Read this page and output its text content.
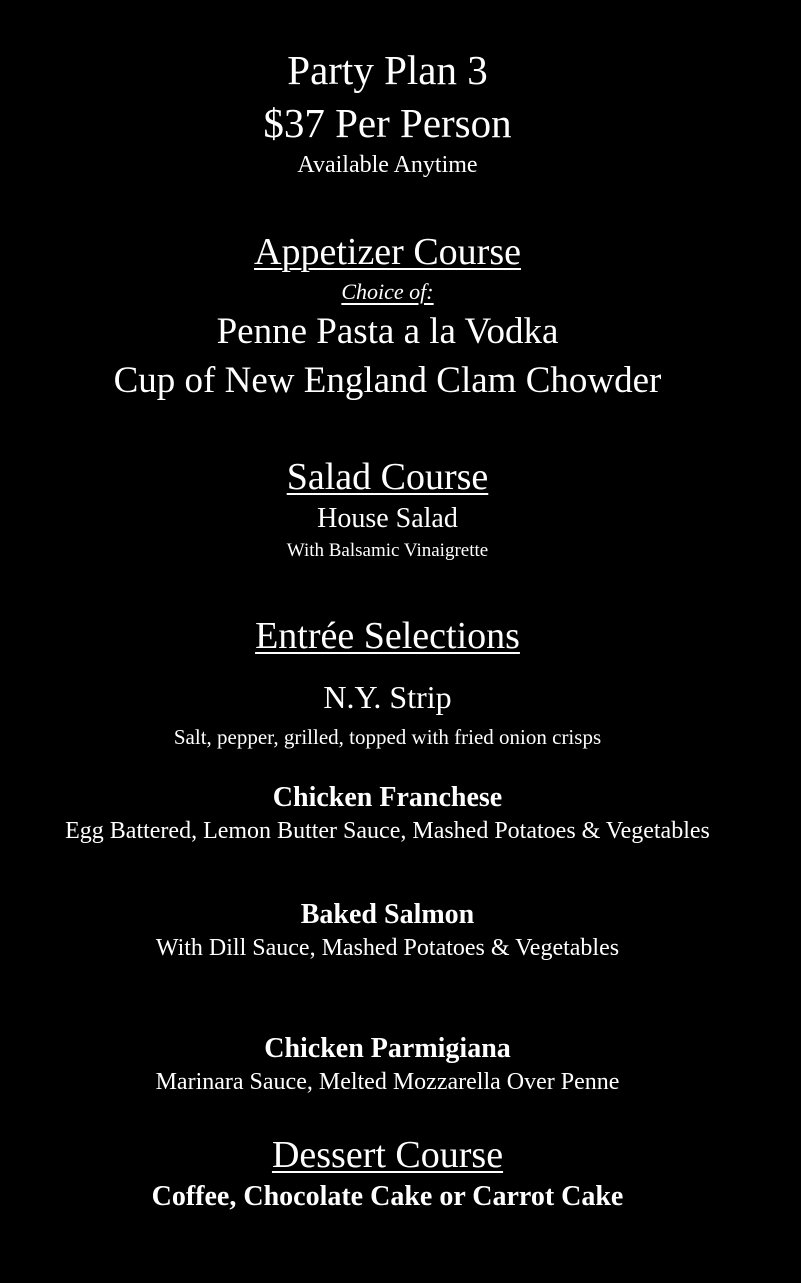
Party Plan 3
$37 Per Person
Available Anytime
Appetizer Course
Choice of:
Penne Pasta a la Vodka
Cup of New England Clam Chowder
Salad Course
House Salad
With Balsamic Vinaigrette
Entrée Selections
N.Y. Strip
Salt, pepper, grilled, topped with fried onion crisps
Chicken Franchese
Egg Battered, Lemon Butter Sauce, Mashed Potatoes & Vegetables
Baked Salmon
With Dill Sauce, Mashed Potatoes & Vegetables
Chicken Parmigiana
Marinara Sauce, Melted Mozzarella Over Penne
Dessert Course
Coffee, Chocolate Cake or Carrot Cake
